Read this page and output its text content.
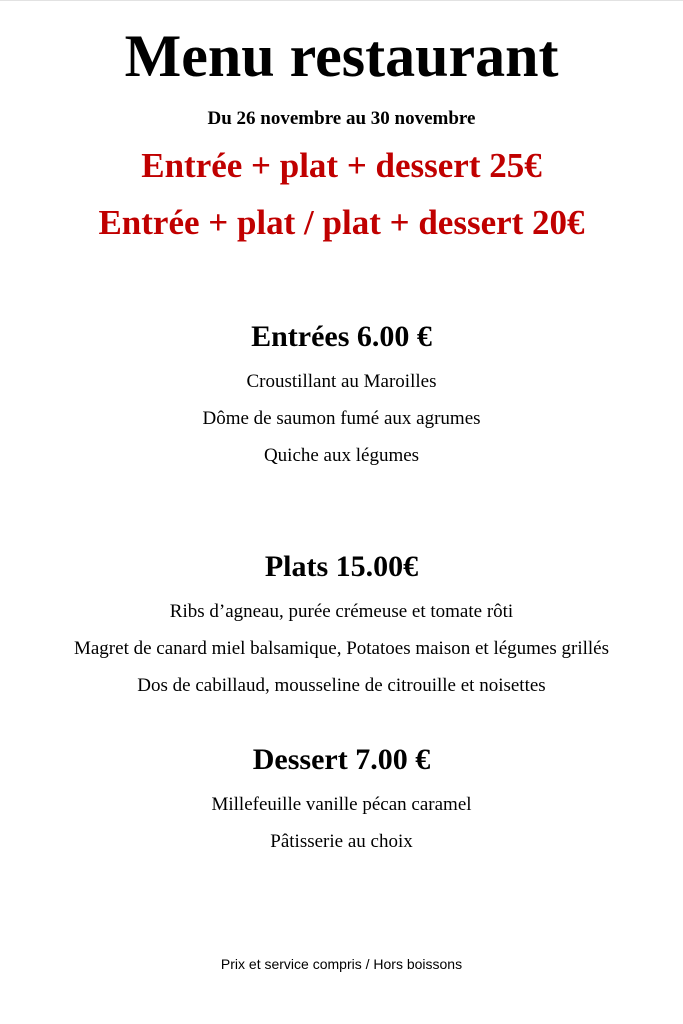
Menu restaurant

Du 26 novembre au 30 novembre

Entrée + plat + dessert 25€

Entrée + plat / plat + dessert 20€

Entrées 6.00 €

Croustillant au Maroilles

Dôme de saumon fumé aux agrumes

Quiche aux légumes

Plats 15.00€

Ribs d’agneau, purée crémeuse et tomate rôti

Magret de canard miel balsamique, Potatoes maison et légumes grillés

Dos de cabillaud, mousseline de citrouille et noisettes

Dessert 7.00 €

Millefeuille vanille pécan caramel

Pâtisserie au choix

Prix et service compris / Hors boissons
